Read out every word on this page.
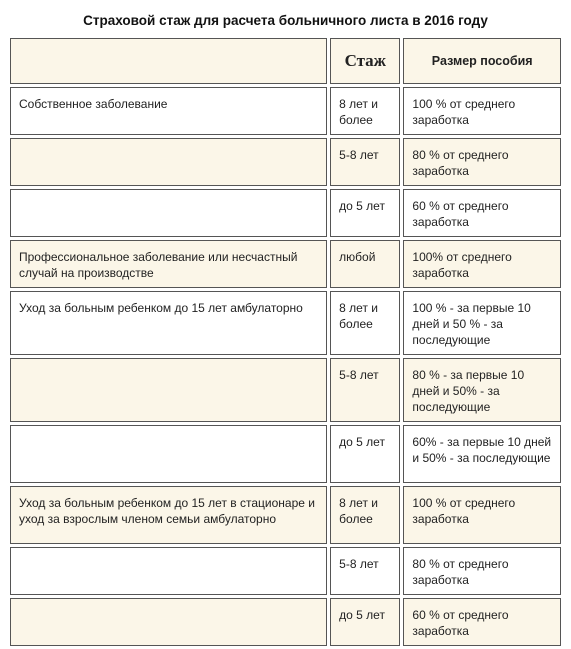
Страховой стаж для расчета больничного листа в 2016 году
	Стаж	Размер пособия
Собственное заболевание	8 лет и более	100 % от среднего заработка
	5-8 лет	80 % от среднего заработка
	до 5 лет	60 % от среднего заработка
Профессиональное заболевание или несчастный случай на производстве	любой	100% от среднего заработка
Уход за больным ребенком до 15 лет амбулаторно	8 лет и более	100 % - за первые 10 дней и 50 % - за последующие
	5-8 лет	80 % - за первые 10 дней и 50% - за последующие
	до 5 лет	60% - за первые 10 дней и 50% - за последующие
Уход за больным ребенком до 15 лет в стационаре и уход за взрослым членом семьи амбулаторно	8 лет и более	100 % от среднего заработка
	5-8 лет	80 % от среднего заработка
	до 5 лет	60 % от среднего заработка
